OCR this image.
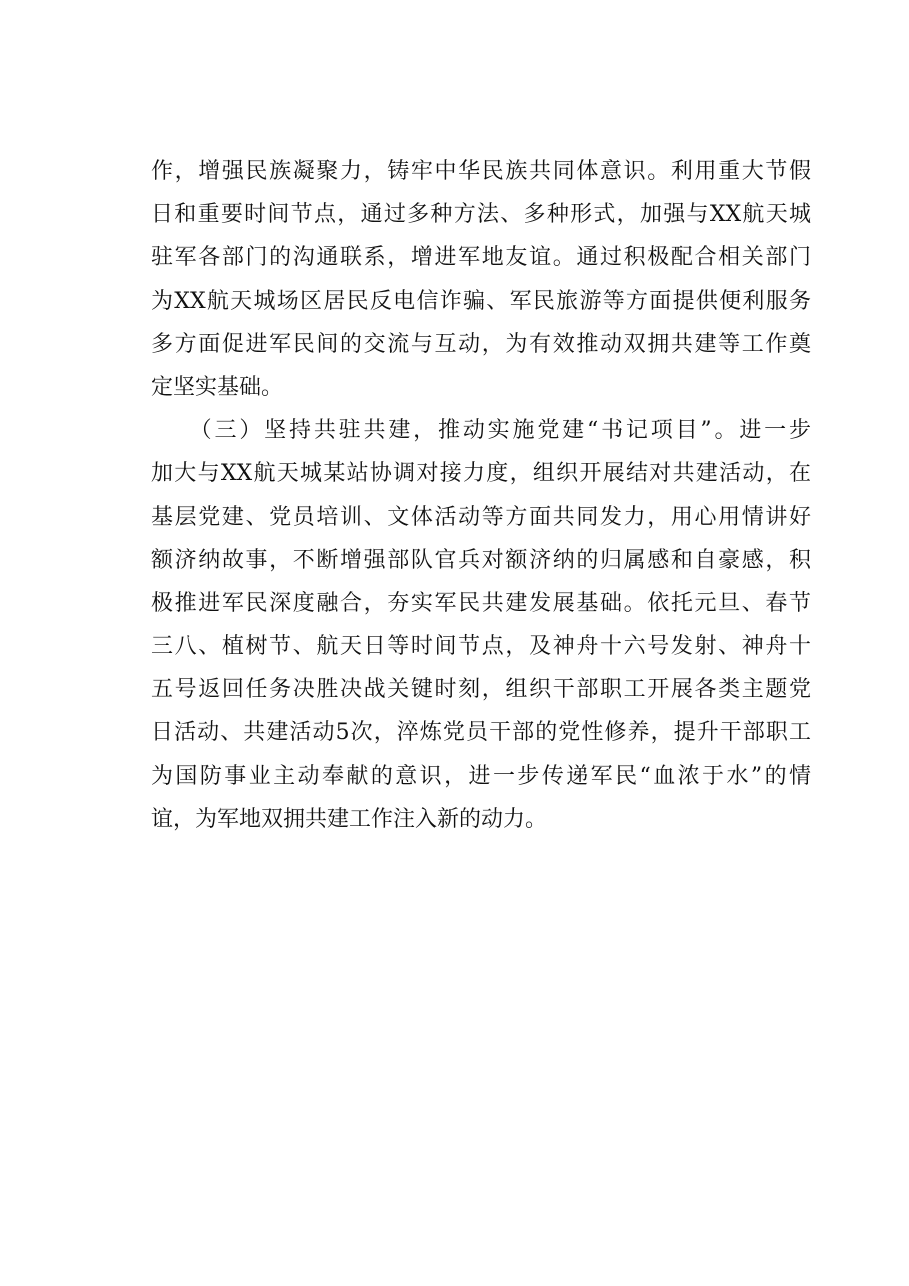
作，增强民族凝聚力，铸牢中华民族共同体意识。利用重大节假
日和重要时间节点，通过多种方法、多种形式，加强与XX航天城
驻军各部门的沟通联系，增进军地友谊。通过积极配合相关部门
为XX航天城场区居民反电信诈骗、军民旅游等方面提供便利服务
多方面促进军民间的交流与互动，为有效推动双拥共建等工作奠
定坚实基础。
　　（三）坚持共驻共建，推动实施党建“书记项目”。进一步
加大与XX航天城某站协调对接力度，组织开展结对共建活动，在
基层党建、党员培训、文体活动等方面共同发力，用心用情讲好
额济纳故事，不断增强部队官兵对额济纳的归属感和自豪感，积
极推进军民深度融合，夯实军民共建发展基础。依托元旦、春节
三八、植树节、航天日等时间节点，及神舟十六号发射、神舟十
五号返回任务决胜决战关键时刻，组织干部职工开展各类主题党
日活动、共建活动5次，淬炼党员干部的党性修养，提升干部职工
为国防事业主动奉献的意识，进一步传递军民“血浓于水”的情
谊，为军地双拥共建工作注入新的动力。
